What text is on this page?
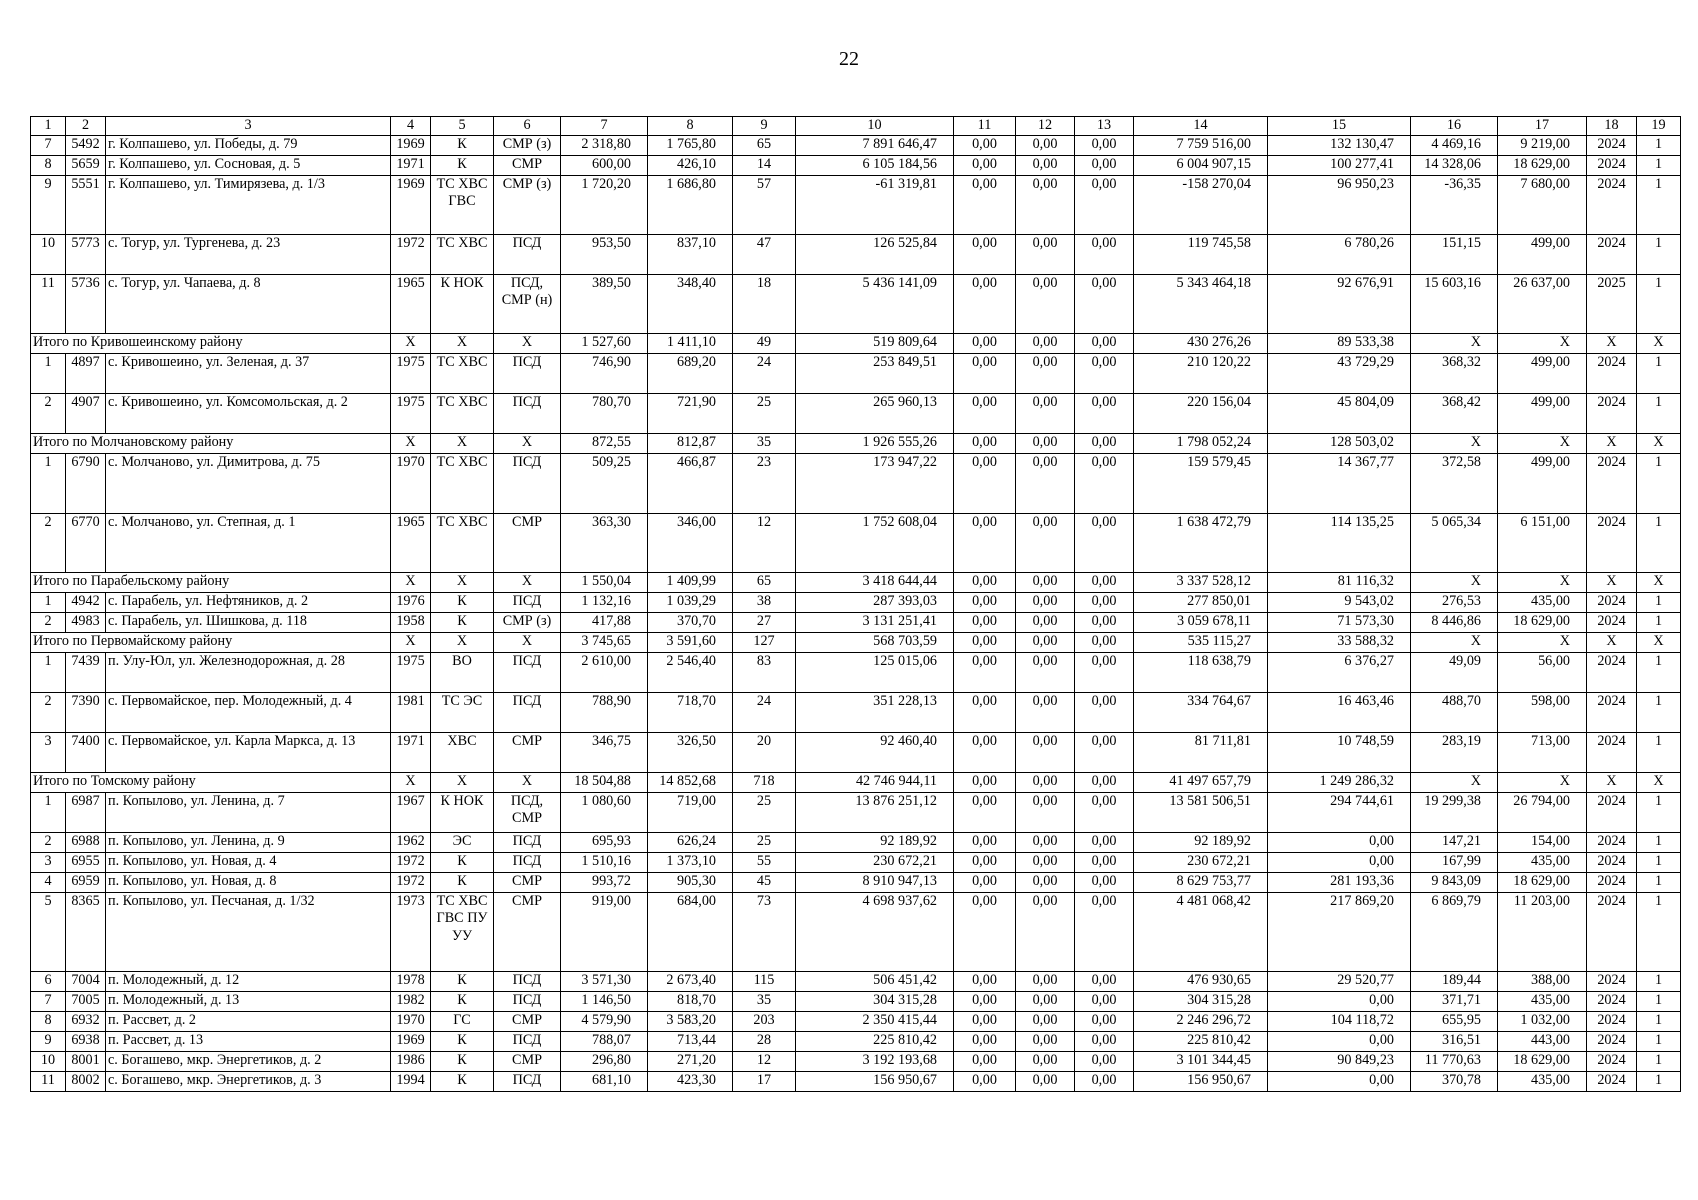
22
1	2	3	4	5	6	7	8	9	10	11	12	13	14	15	16	17	18	19
7	5492	г. Колпашево, ул. Победы, д. 79	1969	К	СМР (з)	2 318,80	1 765,80	65	7 891 646,47	0,00	0,00	0,00	7 759 516,00	132 130,47	4 469,16	9 219,00	2024	1
8	5659	г. Колпашево, ул. Сосновая, д. 5	1971	К	СМР	600,00	426,10	14	6 105 184,56	0,00	0,00	0,00	6 004 907,15	100 277,41	14 328,06	18 629,00	2024	1
9	5551	г. Колпашево, ул. Тимирязева, д. 1/3	1969	ТС ХВС ГВС	СМР (з)	1 720,20	1 686,80	57	-61 319,81	0,00	0,00	0,00	-158 270,04	96 950,23	-36,35	7 680,00	2024	1
10	5773	с. Тогур, ул. Тургенева, д. 23	1972	ТС ХВС	ПСД	953,50	837,10	47	126 525,84	0,00	0,00	0,00	119 745,58	6 780,26	151,15	499,00	2024	1
11	5736	с. Тогур, ул. Чапаева, д. 8	1965	К НОК	ПСД, СМР (н)	389,50	348,40	18	5 436 141,09	0,00	0,00	0,00	5 343 464,18	92 676,91	15 603,16	26 637,00	2025	1
Итого по Кривошеинскому району			Х	Х	Х	1 527,60	1 411,10	49	519 809,64	0,00	0,00	0,00	430 276,26	89 533,38	Х	Х	Х	Х
1	4897	с. Кривошеино, ул. Зеленая, д. 37	1975	ТС ХВС	ПСД	746,90	689,20	24	253 849,51	0,00	0,00	0,00	210 120,22	43 729,29	368,32	499,00	2024	1
2	4907	с. Кривошеино, ул. Комсомольская, д. 2	1975	ТС ХВС	ПСД	780,70	721,90	25	265 960,13	0,00	0,00	0,00	220 156,04	45 804,09	368,42	499,00	2024	1
Итого по Молчановскому району			Х	Х	Х	872,55	812,87	35	1 926 555,26	0,00	0,00	0,00	1 798 052,24	128 503,02	Х	Х	Х	Х
1	6790	с. Молчаново, ул. Димитрова, д. 75	1970	ТС ХВС	ПСД	509,25	466,87	23	173 947,22	0,00	0,00	0,00	159 579,45	14 367,77	372,58	499,00	2024	1
2	6770	с. Молчаново, ул. Степная, д. 1	1965	ТС ХВС	СМР	363,30	346,00	12	1 752 608,04	0,00	0,00	0,00	1 638 472,79	114 135,25	5 065,34	6 151,00	2024	1
Итого по Парабельскому району			Х	Х	Х	1 550,04	1 409,99	65	3 418 644,44	0,00	0,00	0,00	3 337 528,12	81 116,32	Х	Х	Х	Х
1	4942	с. Парабель, ул. Нефтяников, д. 2	1976	К	ПСД	1 132,16	1 039,29	38	287 393,03	0,00	0,00	0,00	277 850,01	9 543,02	276,53	435,00	2024	1
2	4983	с. Парабель, ул. Шишкова, д. 118	1958	К	СМР (з)	417,88	370,70	27	3 131 251,41	0,00	0,00	0,00	3 059 678,11	71 573,30	8 446,86	18 629,00	2024	1
Итого по Первомайскому району			Х	Х	Х	3 745,65	3 591,60	127	568 703,59	0,00	0,00	0,00	535 115,27	33 588,32	Х	Х	Х	Х
1	7439	п. Улу-Юл, ул. Железнодорожная, д. 28	1975	ВО	ПСД	2 610,00	2 546,40	83	125 015,06	0,00	0,00	0,00	118 638,79	6 376,27	49,09	56,00	2024	1
2	7390	с. Первомайское, пер. Молодежный, д. 4	1981	ТС ЭС	ПСД	788,90	718,70	24	351 228,13	0,00	0,00	0,00	334 764,67	16 463,46	488,70	598,00	2024	1
3	7400	с. Первомайское, ул. Карла Маркса, д. 13	1971	ХВС	СМР	346,75	326,50	20	92 460,40	0,00	0,00	0,00	81 711,81	10 748,59	283,19	713,00	2024	1
Итого по Томскому району			Х	Х	Х	18 504,88	14 852,68	718	42 746 944,11	0,00	0,00	0,00	41 497 657,79	1 249 286,32	Х	Х	Х	Х
1	6987	п. Копылово, ул. Ленина, д. 7	1967	К НОК	ПСД, СМР	1 080,60	719,00	25	13 876 251,12	0,00	0,00	0,00	13 581 506,51	294 744,61	19 299,38	26 794,00	2024	1
2	6988	п. Копылово, ул. Ленина, д. 9	1962	ЭС	ПСД	695,93	626,24	25	92 189,92	0,00	0,00	0,00	92 189,92	0,00	147,21	154,00	2024	1
3	6955	п. Копылово, ул. Новая, д. 4	1972	К	ПСД	1 510,16	1 373,10	55	230 672,21	0,00	0,00	0,00	230 672,21	0,00	167,99	435,00	2024	1
4	6959	п. Копылово, ул. Новая, д. 8	1972	К	СМР	993,72	905,30	45	8 910 947,13	0,00	0,00	0,00	8 629 753,77	281 193,36	9 843,09	18 629,00	2024	1
5	8365	п. Копылово, ул. Песчаная, д. 1/32	1973	ТС ХВС ГВС ПУ УУ	СМР	919,00	684,00	73	4 698 937,62	0,00	0,00	0,00	4 481 068,42	217 869,20	6 869,79	11 203,00	2024	1
6	7004	п. Молодежный, д. 12	1978	К	ПСД	3 571,30	2 673,40	115	506 451,42	0,00	0,00	0,00	476 930,65	29 520,77	189,44	388,00	2024	1
7	7005	п. Молодежный, д. 13	1982	К	ПСД	1 146,50	818,70	35	304 315,28	0,00	0,00	0,00	304 315,28	0,00	371,71	435,00	2024	1
8	6932	п. Рассвет, д. 2	1970	ГС	СМР	4 579,90	3 583,20	203	2 350 415,44	0,00	0,00	0,00	2 246 296,72	104 118,72	655,95	1 032,00	2024	1
9	6938	п. Рассвет, д. 13	1969	К	ПСД	788,07	713,44	28	225 810,42	0,00	0,00	0,00	225 810,42	0,00	316,51	443,00	2024	1
10	8001	с. Богашево, мкр. Энергетиков, д. 2	1986	К	СМР	296,80	271,20	12	3 192 193,68	0,00	0,00	0,00	3 101 344,45	90 849,23	11 770,63	18 629,00	2024	1
11	8002	с. Богашево, мкр. Энергетиков, д. 3	1994	К	ПСД	681,10	423,30	17	156 950,67	0,00	0,00	0,00	156 950,67	0,00	370,78	435,00	2024	1
